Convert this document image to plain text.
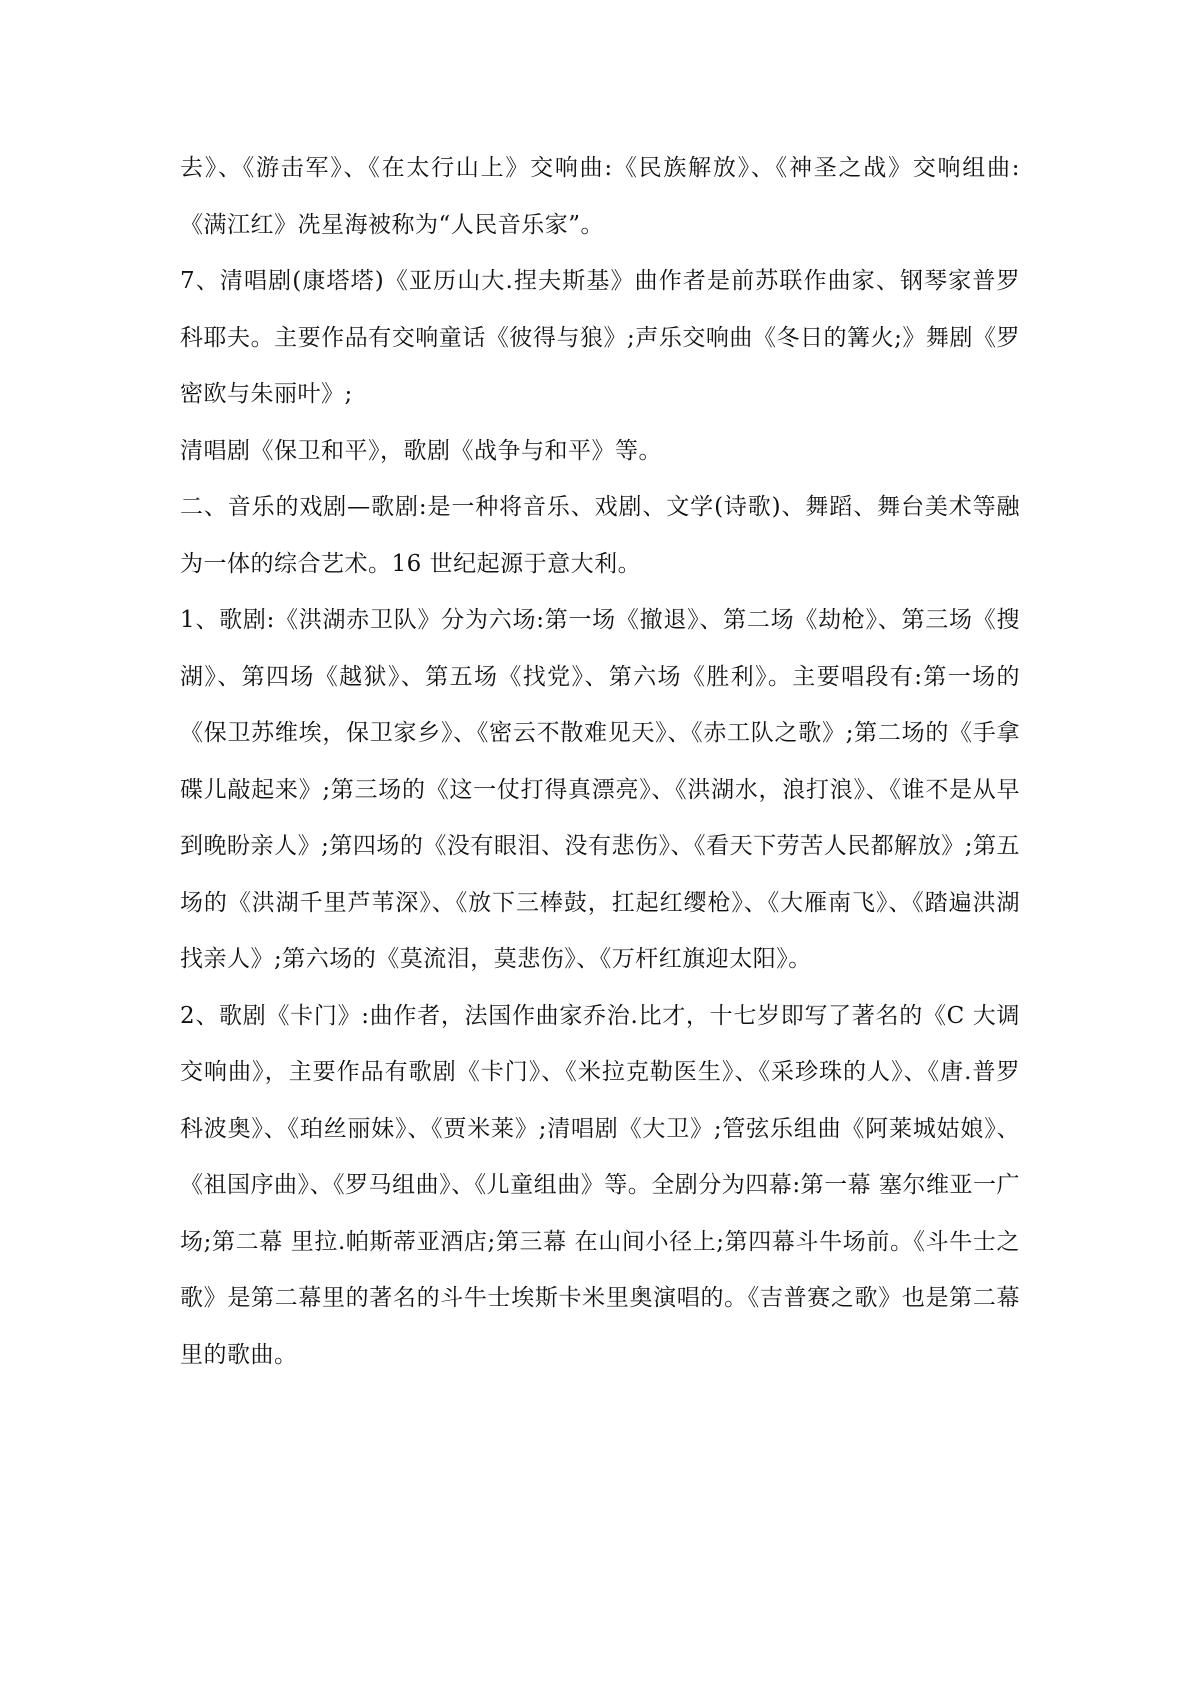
去》、《游击军》、《在太行山上》交响曲:《民族解放》、《神圣之战》交响组曲:《满江红》冼星海被称为“人民音乐家”。

7、清唱剧(康塔塔)《亚历山大.捏夫斯基》曲作者是前苏联作曲家、钢琴家普罗科耶夫。主要作品有交响童话《彼得与狼》;声乐交响曲《冬日的篝火;》舞剧《罗密欧与朱丽叶》;

清唱剧《保卫和平》，歌剧《战争与和平》等。

二、音乐的戏剧—歌剧:是一种将音乐、戏剧、文学(诗歌)、舞蹈、舞台美术等融为一体的综合艺术。16 世纪起源于意大利。

1、歌剧:《洪湖赤卫队》分为六场:第一场《撤退》、第二场《劫枪》、第三场《搜湖》、第四场《越狱》、第五场《找党》、第六场《胜利》。主要唱段有:第一场的《保卫苏维埃，保卫家乡》、《密云不散难见天》、《赤工队之歌》;第二场的《手拿碟儿敲起来》;第三场的《这一仗打得真漂亮》、《洪湖水，浪打浪》、《谁不是从早到晚盼亲人》;第四场的《没有眼泪、没有悲伤》、《看天下劳苦人民都解放》;第五场的《洪湖千里芦苇深》、《放下三棒鼓，扛起红缨枪》、《大雁南飞》、《踏遍洪湖找亲人》;第六场的《莫流泪，莫悲伤》、《万杆红旗迎太阳》。

2、歌剧《卡门》:曲作者，法国作曲家乔治.比才，十七岁即写了著名的《C 大调交响曲》，主要作品有歌剧《卡门》、《米拉克勒医生》、《采珍珠的人》、《唐.普罗科波奥》、《珀丝丽妹》、《贾米莱》;清唱剧《大卫》;管弦乐组曲《阿莱城姑娘》、《祖国序曲》、《罗马组曲》、《儿童组曲》等。全剧分为四幕:第一幕 塞尔维亚一广场;第二幕 里拉.帕斯蒂亚酒店;第三幕 在山间小径上;第四幕斗牛场前。《斗牛士之歌》是第二幕里的著名的斗牛士埃斯卡米里奥演唱的。《吉普赛之歌》也是第二幕里的歌曲。
